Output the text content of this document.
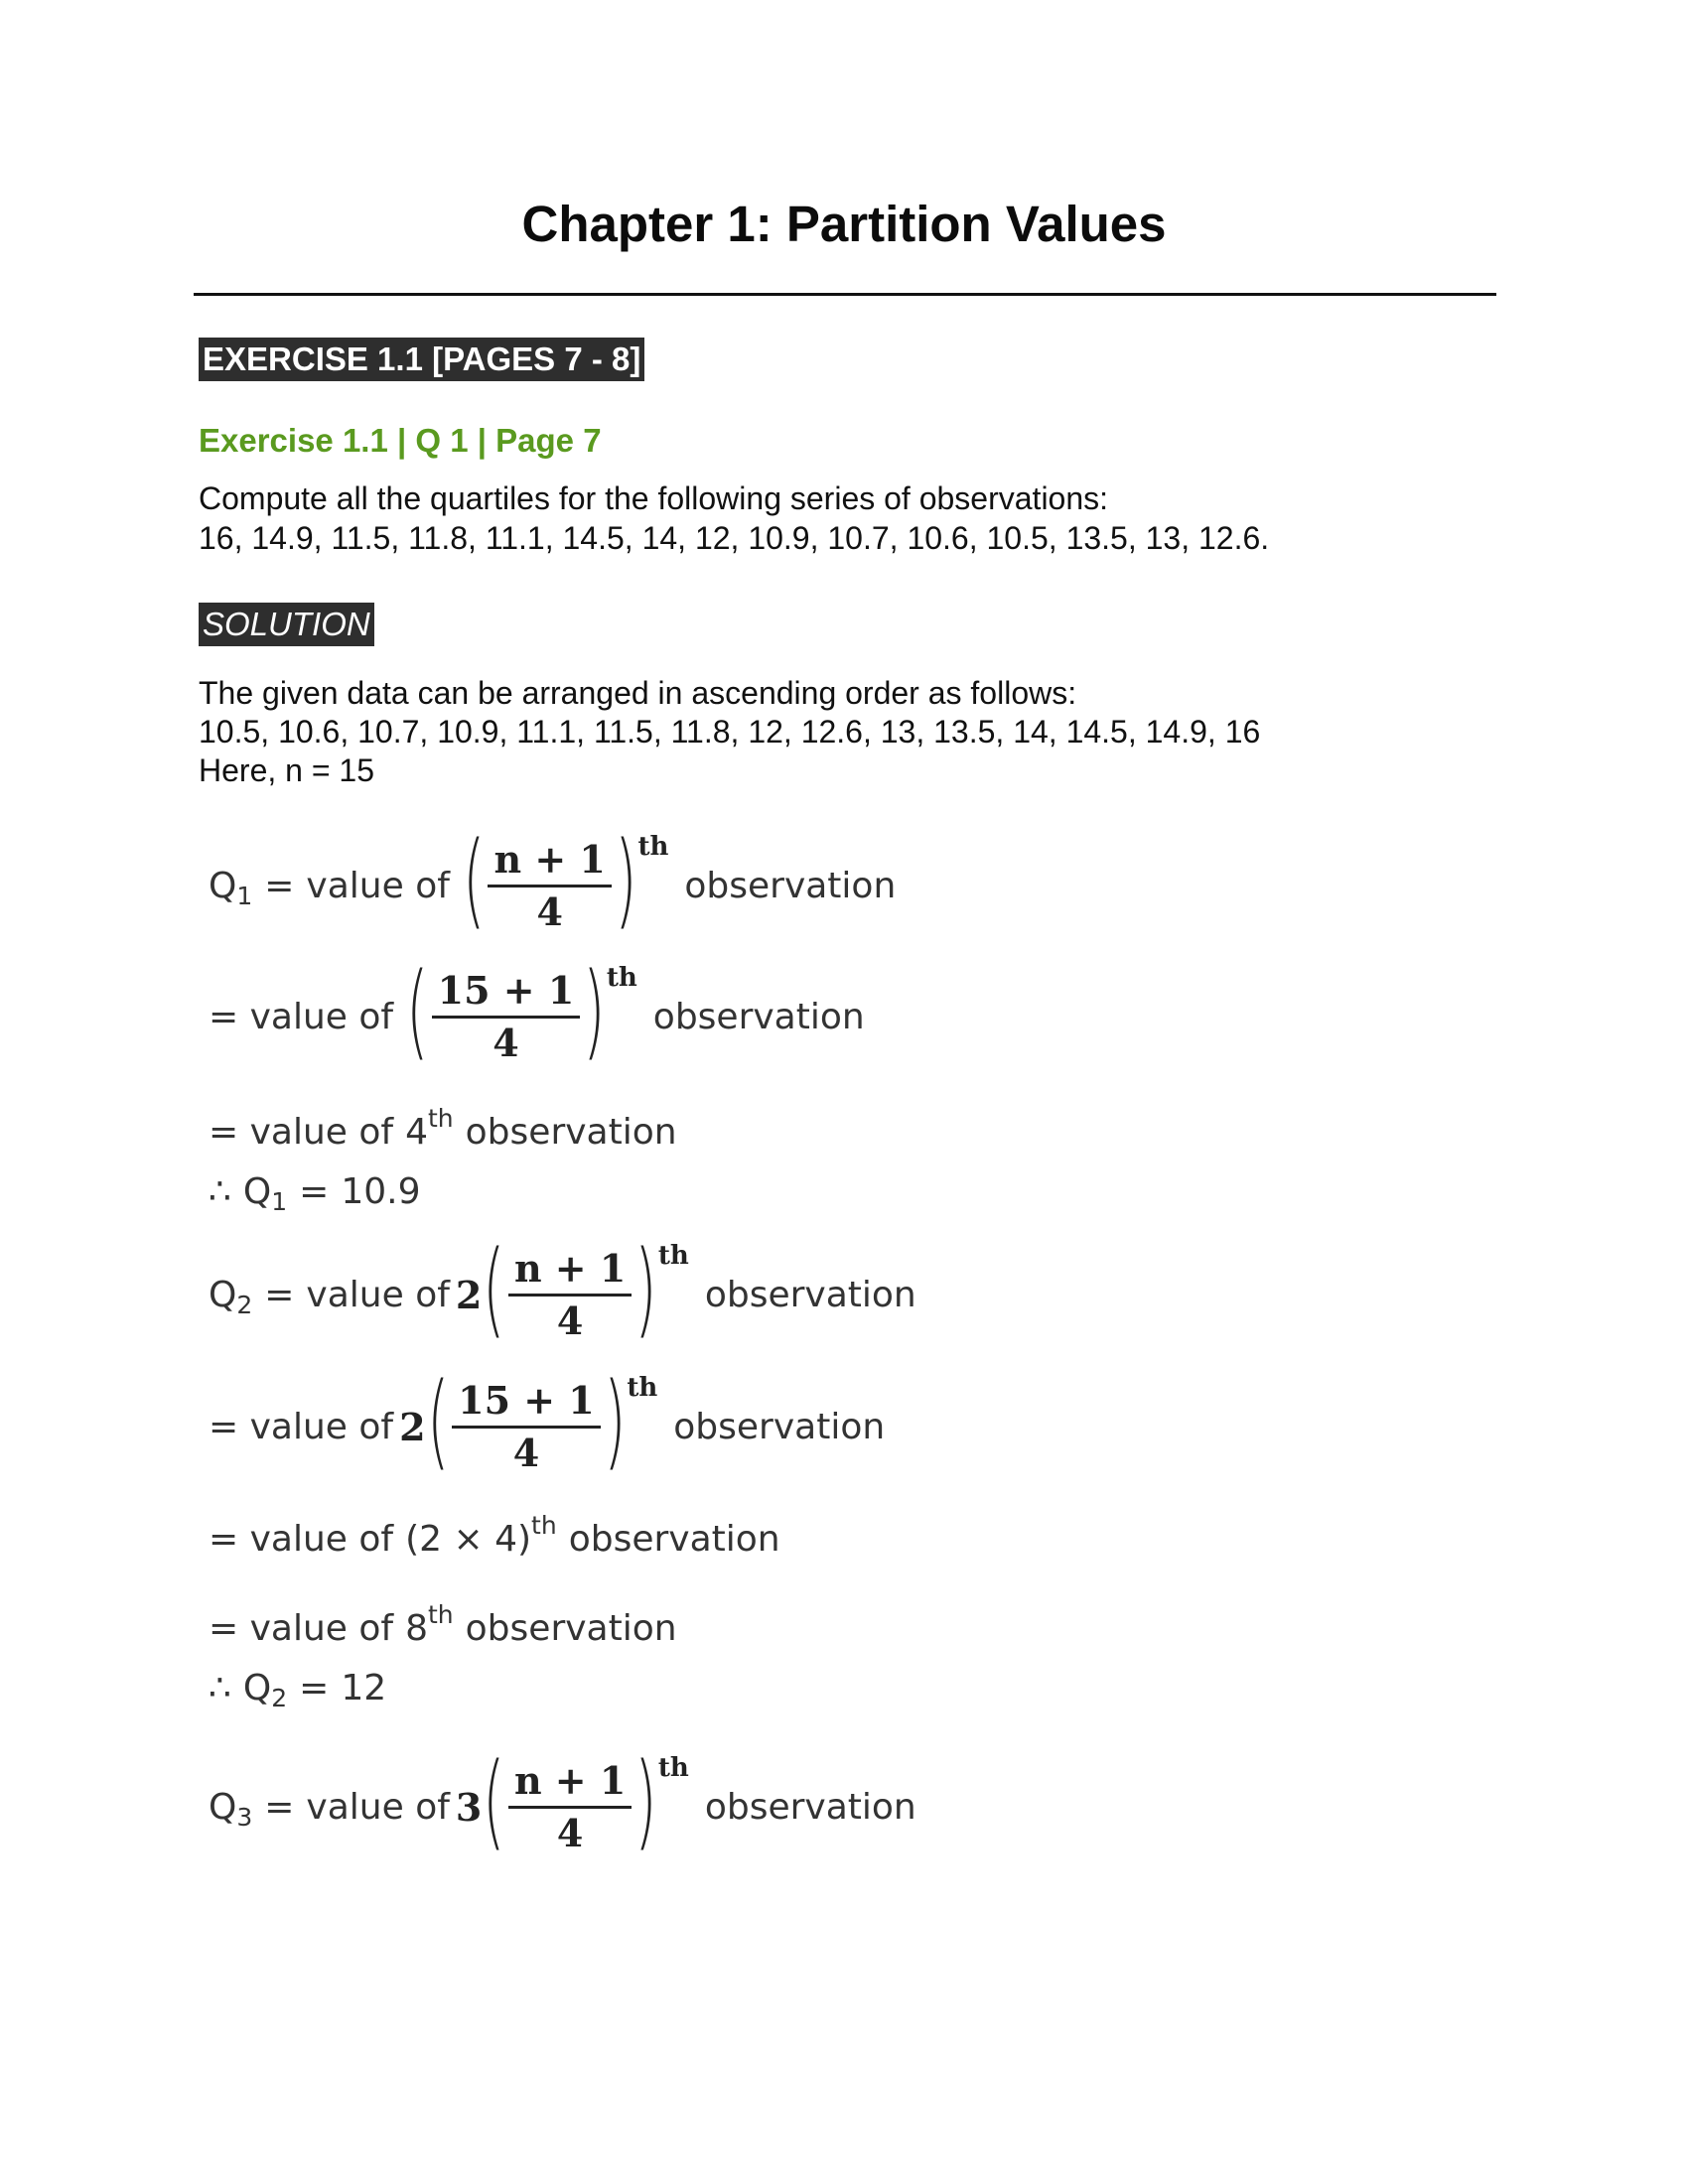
Chapter 1: Partition Values
EXERCISE 1.1 [PAGES 7 - 8]
Exercise 1.1 | Q 1 | Page 7
Compute all the quartiles for the following series of observations:
16, 14.9, 11.5, 11.8, 11.1, 14.5, 14, 12, 10.9, 10.7, 10.6, 10.5, 13.5, 13, 12.6.
SOLUTION
The given data can be arranged in ascending order as follows:
10.5, 10.6, 10.7, 10.9, 11.1, 11.5, 11.8, 12, 12.6, 13, 13.5, 14, 14.5, 14.9, 16
Here, n = 15
Q 1 = value of ( $\frac{n + 1}{4}$ ) th
observation
= value of ( $\frac{15 + 1}{4}$ ) th
observation
= value of 4 th observation
∴ Q 1 = 10.9
Q 2 = value of 2 ( $\frac{n + 1}{4}$ ) th
observation
= value of 2 ( $\frac{15 + 1}{4}$ ) th
observation
= value of (2 × 4) th observation
= value of 8 th observation
∴ Q 2 = 12
Q 3 = value of 3 ( $\frac{n + 1}{4}$ ) th
observation
